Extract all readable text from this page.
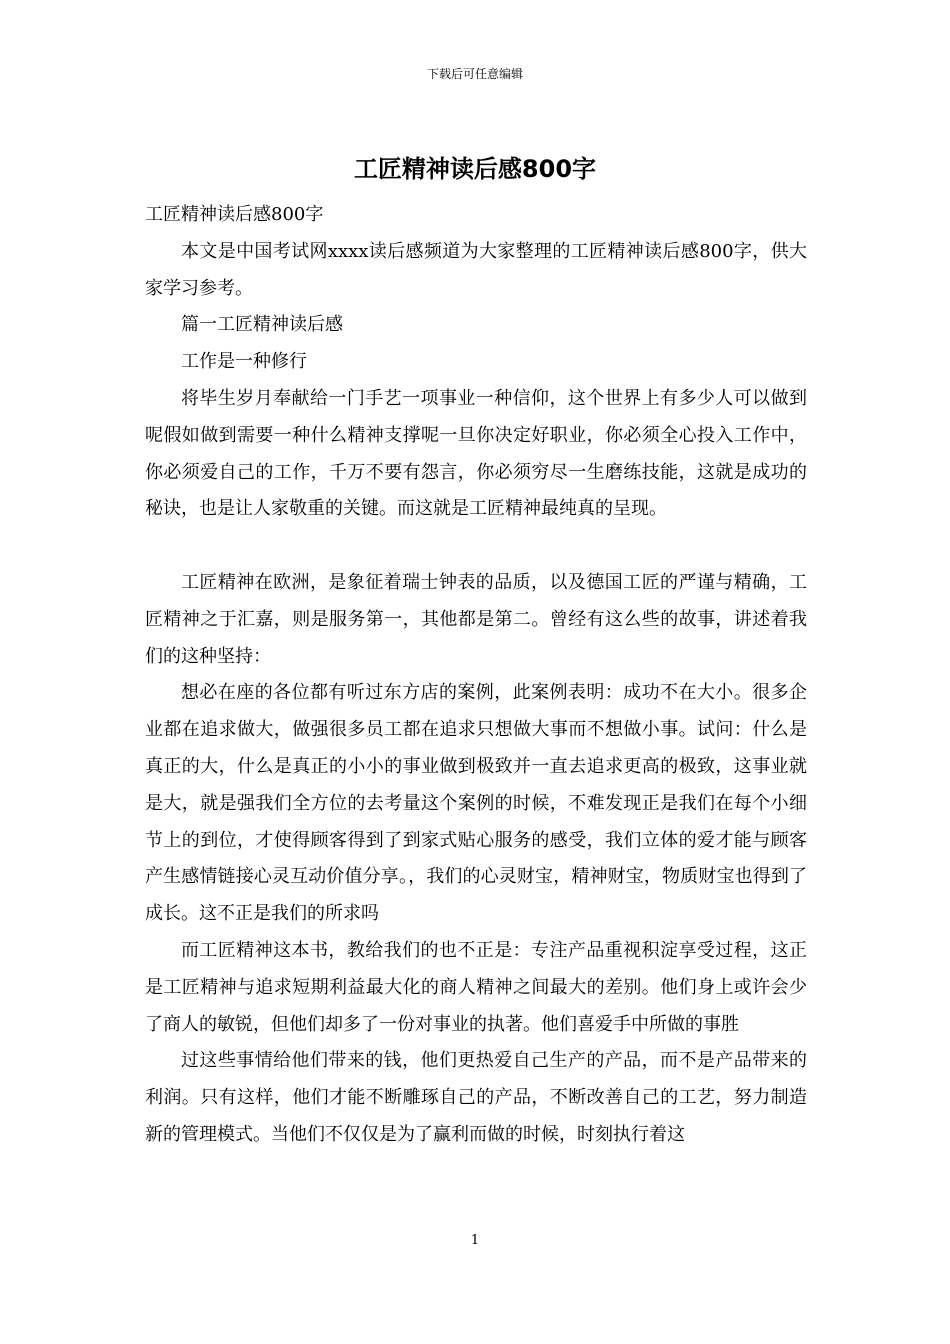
下载后可任意编辑
工匠精神读后感800字

工匠精神读后感800字

本文是中国考试网xxxx读后感频道为大家整理的工匠精神读后感800字，供大家学习参考。

篇一工匠精神读后感

工作是一种修行

将毕生岁月奉献给一门手艺一项事业一种信仰，这个世界上有多少人可以做到呢假如做到需要一种什么精神支撑呢一旦你决定好职业，你必须全心投入工作中，你必须爱自己的工作，千万不要有怨言，你必须穷尽一生磨练技能，这就是成功的秘诀，也是让人家敬重的关键。而这就是工匠精神最纯真的呈现。

工匠精神在欧洲，是象征着瑞士钟表的品质，以及德国工匠的严谨与精确，工匠精神之于汇嘉，则是服务第一，其他都是第二。曾经有这么些的故事，讲述着我们的这种坚持：

想必在座的各位都有听过东方店的案例，此案例表明：成功不在大小。很多企业都在追求做大，做强很多员工都在追求只想做大事而不想做小事。试问：什么是真正的大，什么是真正的小小的事业做到极致并一直去追求更高的极致，这事业就是大，就是强我们全方位的去考量这个案例的时候，不难发现正是我们在每个小细节上的到位，才使得顾客得到了到家式贴心服务的感受，我们立体的爱才能与顾客产生感情链接心灵互动价值分享。，我们的心灵财宝，精神财宝，物质财宝也得到了成长。这不正是我们的所求吗

而工匠精神这本书，教给我们的也不正是：专注产品重视积淀享受过程，这正是工匠精神与追求短期利益最大化的商人精神之间最大的差别。他们身上或许会少了商人的敏锐，但他们却多了一份对事业的执著。他们喜爱手中所做的事胜

过这些事情给他们带来的钱，他们更热爱自己生产的产品，而不是产品带来的利润。只有这样，他们才能不断雕琢自己的产品，不断改善自己的工艺，努力制造新的管理模式。当他们不仅仅是为了赢利而做的时候，时刻执行着这

1
